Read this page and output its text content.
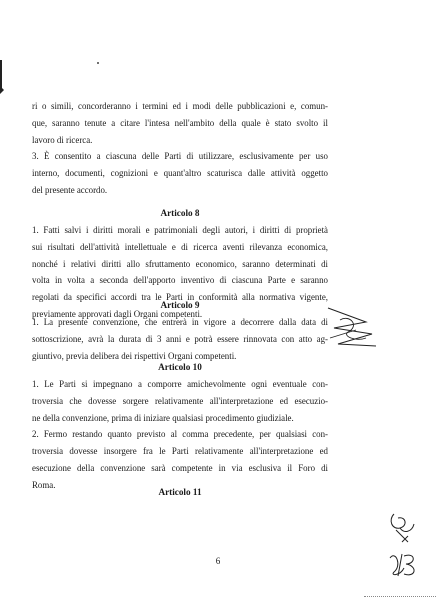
ri o simili, concorderanno i termini ed i modi delle pubblicazioni e, comun-
que, saranno tenute a citare l'intesa nell'ambito della quale è stato svolto il
lavoro di ricerca.
3. È consentito a ciascuna delle Parti di utilizzare, esclusivamente per uso
interno, documenti, cognizioni e quant'altro scaturisca dalle attività oggetto
del presente accordo.

Articolo 8

1. Fatti salvi i diritti morali e patrimoniali degli autori, i diritti di proprietà
sui risultati dell'attività intellettuale e di ricerca aventi rilevanza economica,
nonché i relativi diritti allo sfruttamento economico, saranno determinati di
volta in volta a seconda dell'apporto inventivo di ciascuna Parte e saranno
regolati da specifici accordi tra le Parti in conformità alla normativa vigente,
previamente approvati dagli Organi competenti.

Articolo 9

1. La presente convenzione, che entrerà in vigore a decorrere dalla data di
sottoscrizione, avrà la durata di 3 anni e potrà essere rinnovata con atto ag-
giuntivo, previa delibera dei rispettivi Organi competenti.

Articolo 10

1. Le Parti si impegnano a comporre amichevolmente ogni eventuale con-
troversia che dovesse sorgere relativamente all'interpretazione ed esecuzio-
ne della convenzione, prima di iniziare qualsiasi procedimento giudiziale.
2. Fermo restando quanto previsto al comma precedente, per qualsiasi con-
troversia dovesse insorgere fra le Parti relativamente all'interpretazione ed
esecuzione della convenzione sarà competente in via esclusiva il Foro di
Roma.

Articolo 11
6
